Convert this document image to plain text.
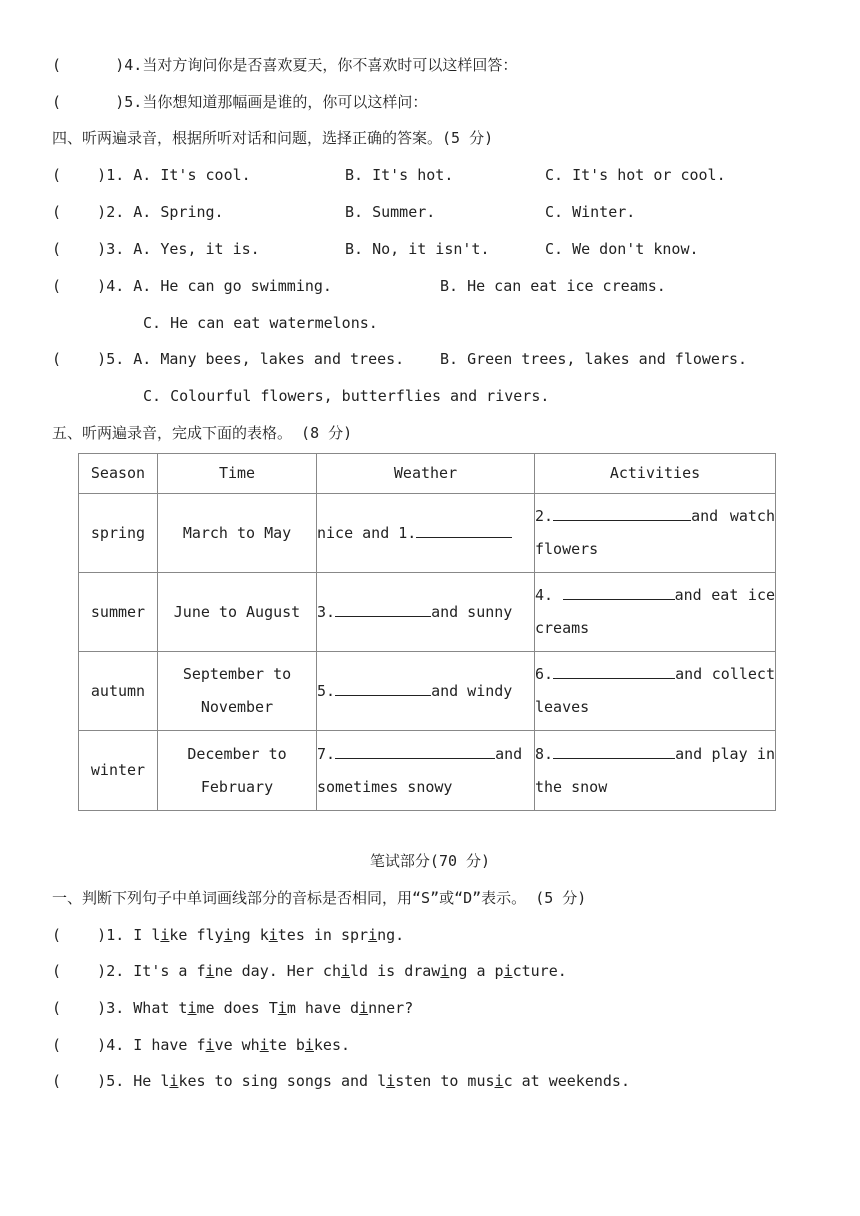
(	)4.当对方询问你是否喜欢夏天，你不喜欢时可以这样回答：
(	)5.当你想知道那幅画是谁的，你可以这样问：
四、听两遍录音，根据所听对话和问题，选择正确的答案。(5 分)
( )1. A. It's cool.	B. It's hot.	C. It's hot or cool.
( )2. A. Spring.	B. Summer.	C. Winter.
( )3. A. Yes, it is.	B. No, it isn't.	C. We don't know.
( )4. A. He can go swimming.	B. He can eat ice creams.
C. He can eat watermelons.
( )5. A. Many bees, lakes and trees. B. Green trees, lakes and flowers.
C. Colourful flowers, butterflies and rivers.
五、听两遍录音，完成下面的表格。 (8 分)
Season	Time	Weather	Activities
spring	March to May	nice and 1.	2. and watch flowers
summer	June to August	3. and sunny	4. and eat ice creams
autumn	September to November	5. and windy	6. and collect leaves
winter	December to February	7. and sometimes snowy	8. and play in the snow
笔试部分(70 分)
一、判断下列句子中单词画线部分的音标是否相同，用“S”或“D”表示。 (5 分)
( )1. I like flying kites in spring.
( )2. It's a fine day. Her child is drawing a picture.
( )3. What time does Tim have dinner?
( )4. I have five white bikes.
( )5. He likes to sing songs and listen to music at weekends.
